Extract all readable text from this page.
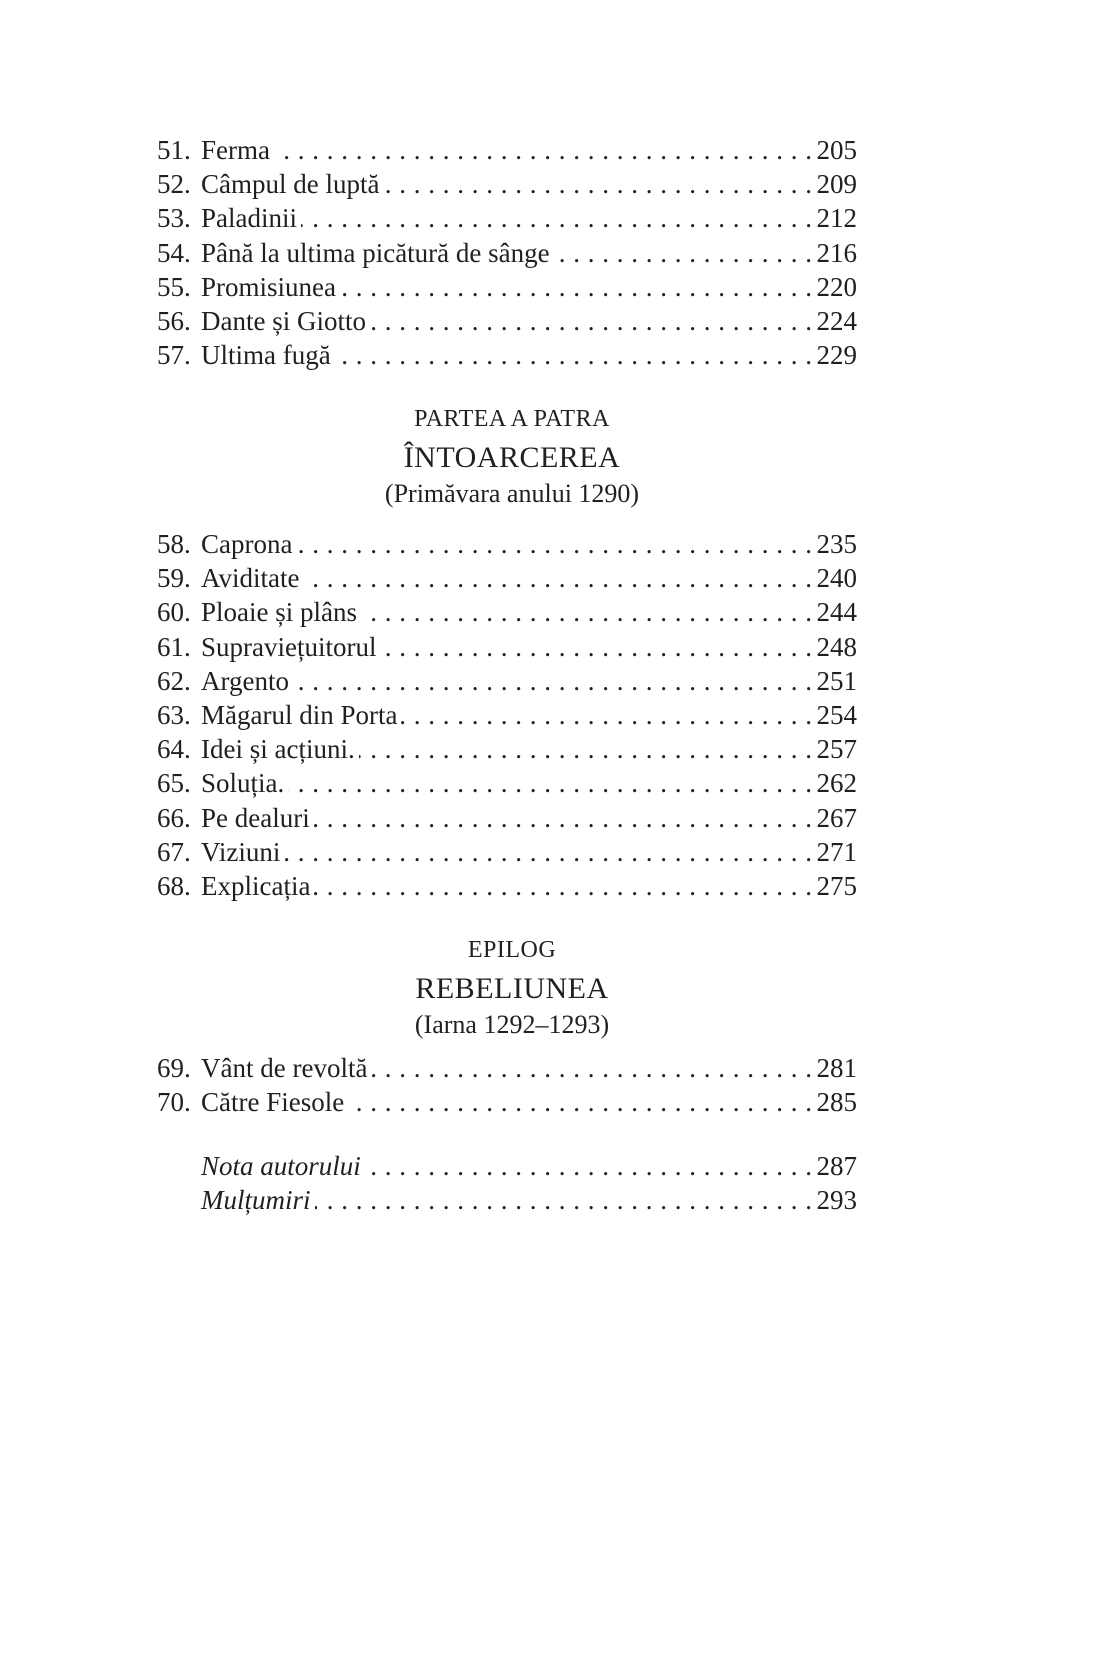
51. Ferma . . .	205
52. Câmpul de luptă . . .	209
53. Paladinii . . .	212
54. Până la ultima picătură de sânge . . .	216
55. Promisiunea . . .	220
56. Dante și Giotto . . .	224
57. Ultima fugă . . .	229
PARTEA A PATRA
ÎNTOARCEREA
(Primăvara anului 1290)
58. Caprona . . .	235
59. Aviditate . . .	240
60. Ploaie și plâns . . .	244
61. Supraviețuitorul . . .	248
62. Argento . . .	251
63. Măgarul din Porta . . .	254
64. Idei și acțiuni. . . .	257
65. Soluția. . . .	262
66. Pe dealuri . . .	267
67. Viziuni . . .	271
68. Explicația . . .	275
EPILOG
REBELIUNEA
(Iarna 1292–1293)
69. Vânt de revoltă . . .	281
70. Către Fiesole . . .	285
Nota autorului . . .	287
Mulțumiri . . .	293
